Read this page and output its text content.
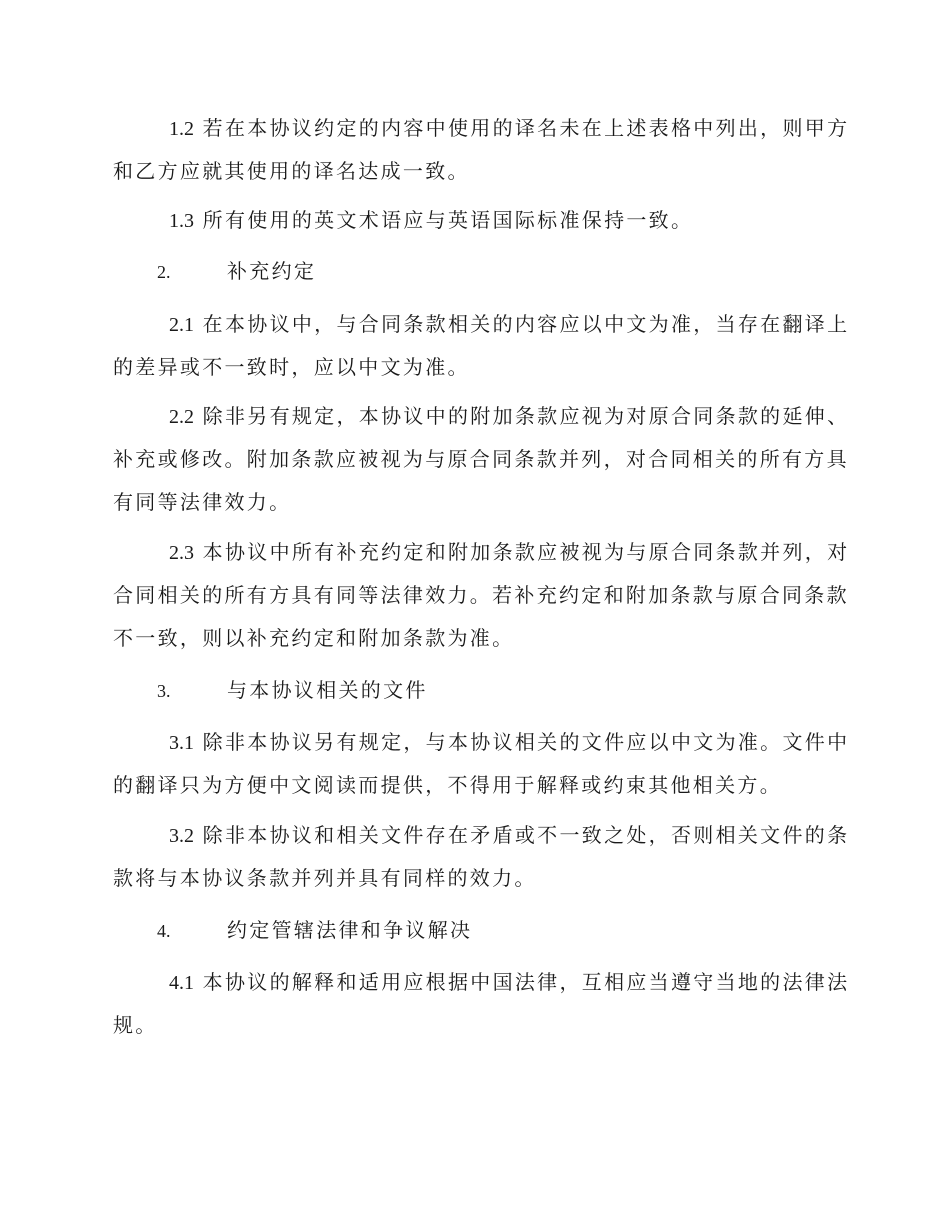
1.2 若在本协议约定的内容中使用的译名未在上述表格中列出，则甲方
和乙方应就其使用的译名达成一致。
1.3 所有使用的英文术语应与英语国际标准保持一致。
2.	补充约定
2.1 在本协议中，与合同条款相关的内容应以中文为准，当存在翻译上
的差异或不一致时，应以中文为准。
2.2 除非另有规定，本协议中的附加条款应视为对原合同条款的延伸、
补充或修改。附加条款应被视为与原合同条款并列，对合同相关的所有方具
有同等法律效力。
2.3 本协议中所有补充约定和附加条款应被视为与原合同条款并列，对
合同相关的所有方具有同等法律效力。若补充约定和附加条款与原合同条款
不一致，则以补充约定和附加条款为准。
3.	与本协议相关的文件
3.1 除非本协议另有规定，与本协议相关的文件应以中文为准。文件中
的翻译只为方便中文阅读而提供，不得用于解释或约束其他相关方。
3.2 除非本协议和相关文件存在矛盾或不一致之处，否则相关文件的条
款将与本协议条款并列并具有同样的效力。
4.	约定管辖法律和争议解决
4.1 本协议的解释和适用应根据中国法律，互相应当遵守当地的法律法
规。
